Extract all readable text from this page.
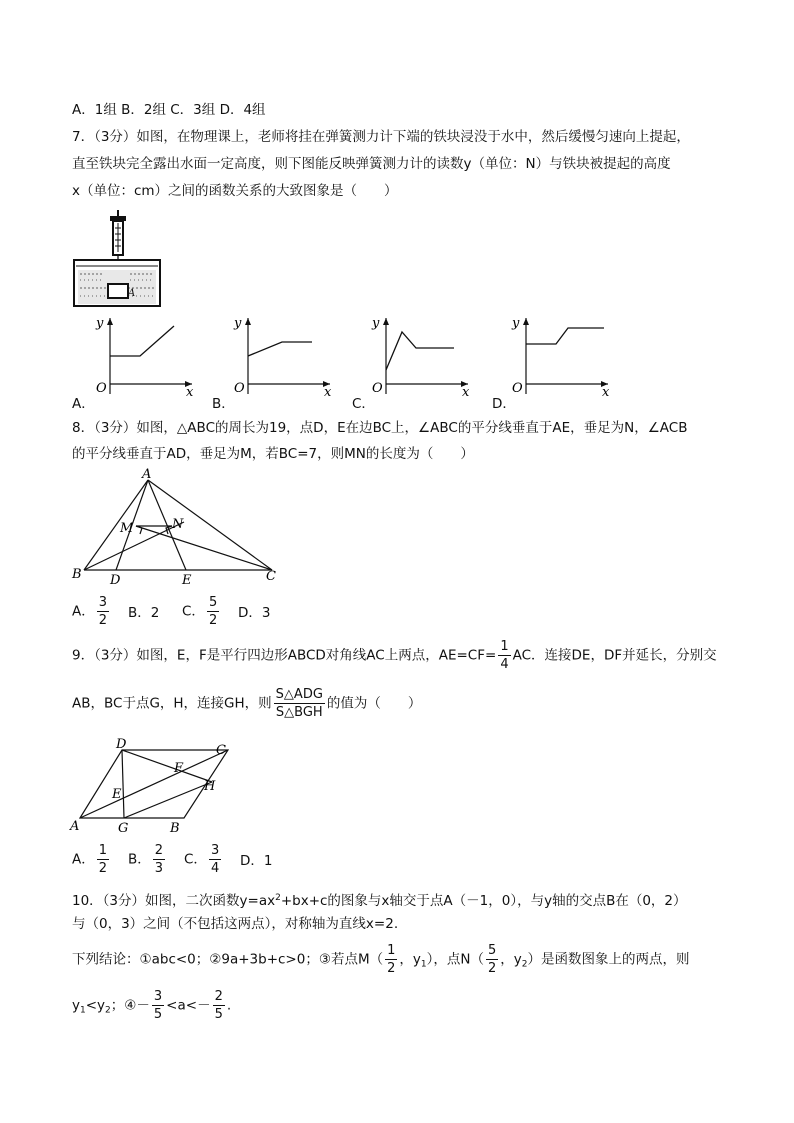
A．1组 B．2组 C．3组 D．4组
7．（3分）如图，在物理课上，老师将挂在弹簧测力计下端的铁块浸没于水中，然后缓慢匀速向上提起，
直至铁块完全露出水面一定高度，则下图能反映弹簧测力计的读数y（单位：N）与铁块被提起的高度
x（单位：cm）之间的函数关系的大致图象是（　　）
A
y
x
O
y
x
O
y
x
O
y
x
O
A．	B．	C．	D．
8．（3分）如图，△ABC的周长为19，点D，E在边BC上，∠ABC的平分线垂直于AE，垂足为N，∠ACB
的平分线垂直于AD，垂足为M，若BC=7，则MN的长度为（　　）
A
B	C
D	E
M	N
A． $\frac{3}{2}$ B．2 C． $\frac{5}{2}$ D．3
9．（3分）如图，E，F是平行四边形ABCD对角线AC上两点，$AE=CF= \frac{1}{4}$ AC．连接DE，DF并延长，分别交
AB，BC于点G，H，连接GH，则 $\frac{\text{S△ADG}}{\text{S△BGH}}$ 的值为（　　）
D	C
A	G	B
E
F
H
A． $\frac{1}{2}$ B． $\frac{2}{3}$ C． $\frac{3}{4}$ D．1
10．（3分）如图，二次函数$y=ax^2+bx+c$的图象与x轴交于点A（－1，0），与y轴的交点B在（0，2）
与（0，3）之间（不包括这两点），对称轴为直线x=2.
下列结论：①abc<0；②9a+3b+c>0；③若点$M( \frac{1}{2}$ ，$y_1$），点$N( \frac{5}{2}$ ，$y_2$）是函数图象上的两点，则
$y_1<y_2$；④－ $\frac{3}{5} <a<- \frac{2}{5}$ .
